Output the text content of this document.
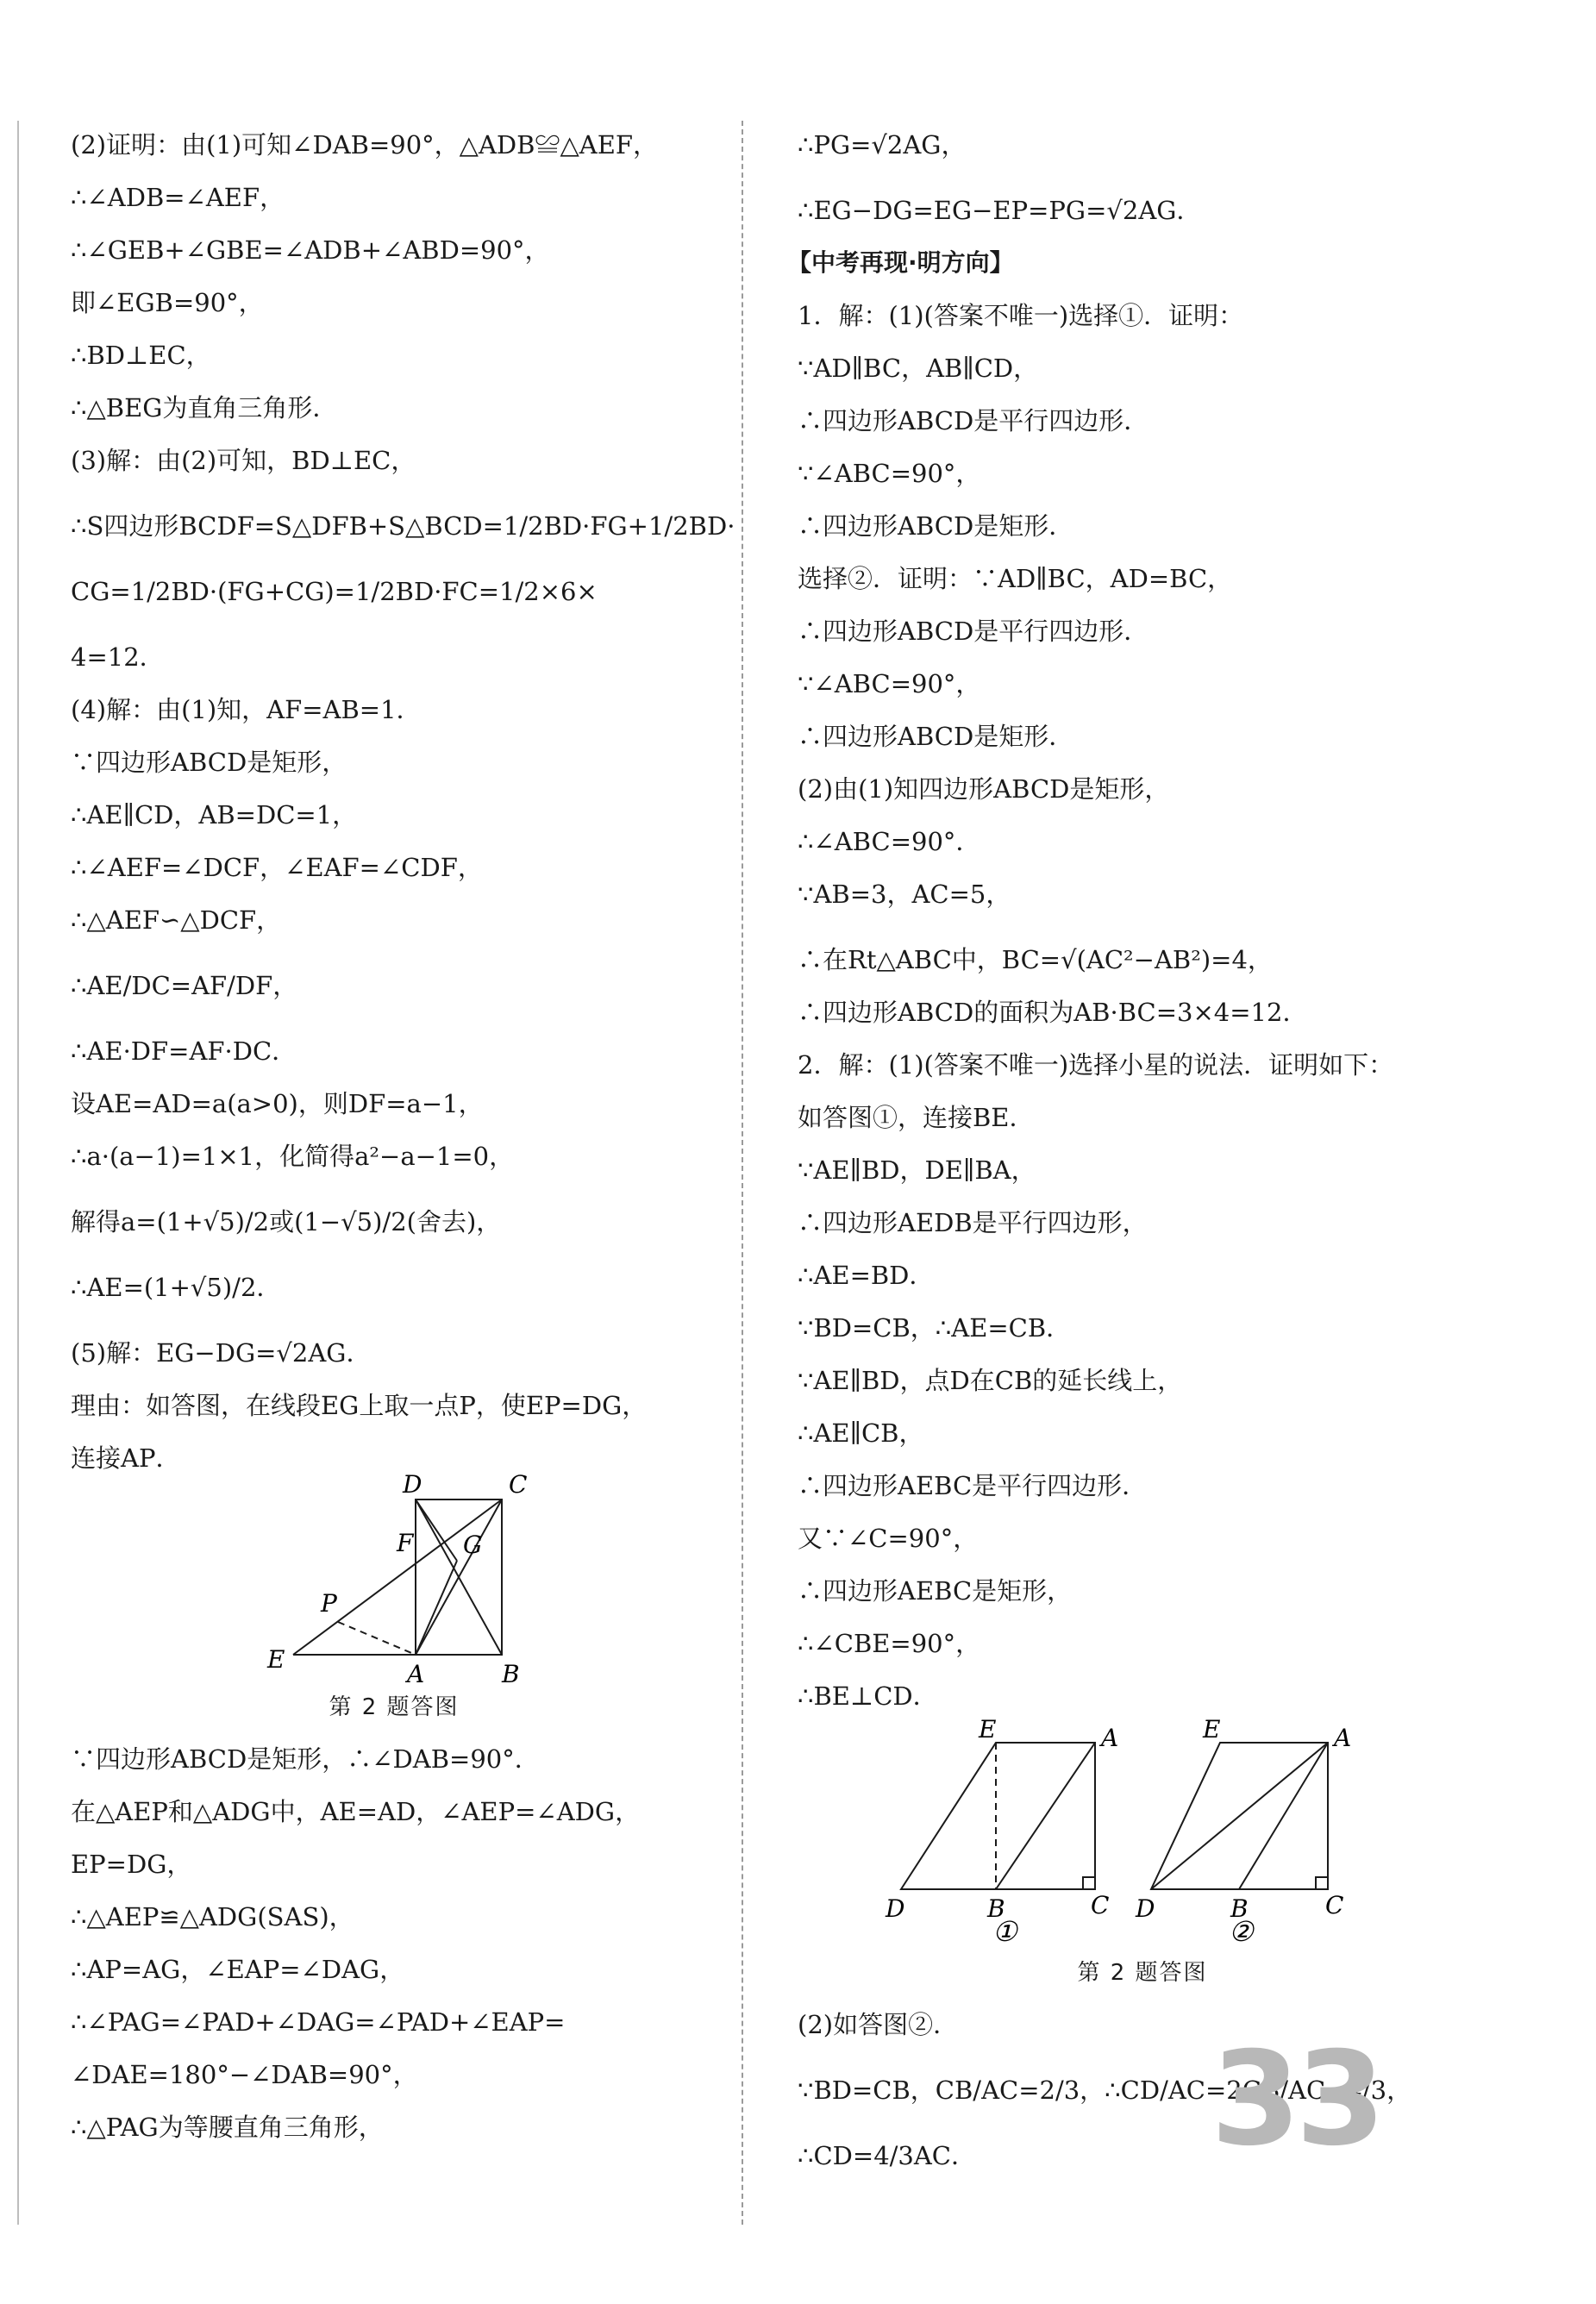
(2)证明：由(1)可知∠DAB=90°，△ADB≌△AEF，
∴∠ADB=∠AEF，
∴∠GEB+∠GBE=∠ADB+∠ABD=90°，
即∠EGB=90°，
∴BD⊥EC，
∴△BEG为直角三角形．
(3)解：由(2)可知，BD⊥EC，
∴S四边形BCDF=S△DFB+S△BCD=1/2BD·FG+1/2BD·
CG=1/2BD·(FG+CG)=1/2BD·FC=1/2×6×
4=12．
(4)解：由(1)知，AF=AB=1．
∵四边形ABCD是矩形，
∴AE∥CD，AB=DC=1，
∴∠AEF=∠DCF，∠EAF=∠CDF，
∴△AEF∽△DCF，
∴AE/DC=AF/DF，
∴AE·DF=AF·DC．
设AE=AD=a(a>0)，则DF=a−1，
∴a·(a−1)=1×1，化简得a²−a−1=0，
解得a=(1+√5)/2或(1−√5)/2(舍去)，
∴AE=(1+√5)/2．
(5)解：EG−DG=√2AG．
理由：如答图，在线段EG上取一点P，使EP=DG，
连接AP．
D	C
F G
P
E
A	B
第 2 题答图
∵四边形ABCD是矩形，∴∠DAB=90°．
在△AEP和△ADG中，AE=AD，∠AEP=∠ADG，
EP=DG，
∴△AEP≌△ADG(SAS)，
∴AP=AG，∠EAP=∠DAG，
∴∠PAG=∠PAD+∠DAG=∠PAD+∠EAP=
∠DAE=180°−∠DAB=90°，
∴△PAG为等腰直角三角形，
∴PG=√2AG，
∴EG−DG=EG−EP=PG=√2AG．
【中考再现·明方向】
1．解：(1)(答案不唯一)选择①．证明：
∵AD∥BC，AB∥CD，
∴四边形ABCD是平行四边形．
∵∠ABC=90°，
∴四边形ABCD是矩形．
选择②．证明：∵AD∥BC，AD=BC，
∴四边形ABCD是平行四边形．
∵∠ABC=90°，
∴四边形ABCD是矩形．
(2)由(1)知四边形ABCD是矩形，
∴∠ABC=90°．
∵AB=3，AC=5，
∴在Rt△ABC中，BC=√(AC²−AB²)=4，
∴四边形ABCD的面积为AB·BC=3×4=12．
2．解：(1)(答案不唯一)选择小星的说法．证明如下：
如答图①，连接BE．
∵AE∥BD，DE∥BA，
∴四边形AEDB是平行四边形，
∴AE=BD．
∵BD=CB，∴AE=CB．
∵AE∥BD，点D在CB的延长线上，
∴AE∥CB，
∴四边形AEBC是平行四边形．
又∵∠C=90°，
∴四边形AEBC是矩形，
∴∠CBE=90°，
∴BE⊥CD．
E	A
D	B	C
①
E	A
D	B	C
②
第 2 题答图
(2)如答图②．
∵BD=CB，CB/AC=2/3，∴CD/AC=2CB/AC=4/3，
∴CD=4/3AC．	33
